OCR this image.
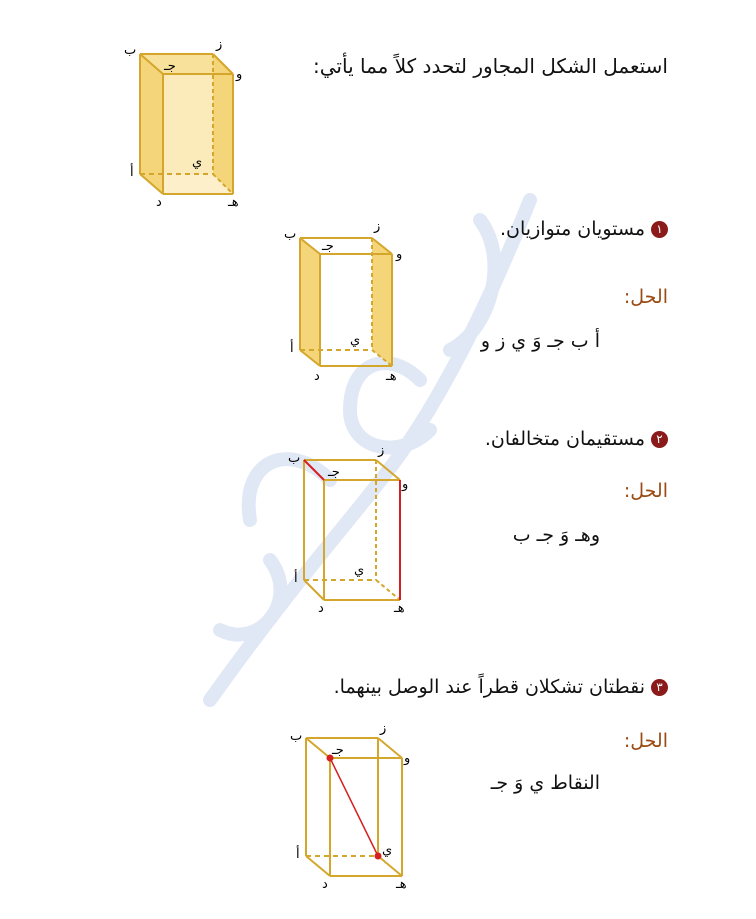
استعمل الشكل المجاور لتحدد كلاً مما يأتي:
ب
جـ
ز
و
أ
ي
د	هـ
١مستويان متوازيان.
ب
جـ
ز
و
أ
ي
د	هـ
الحل:
أ ب جـ وَ ي ز و
٢مستقيمان متخالفان.
ب
جـ
ز
و
أ
ي
د	هـ
الحل:
وهـ وَ جـ ب
٣نقطتان تشكلان قطراً عند الوصل بينهما.
ب
جـ
ز
و
أ	ي
د	هـ
الحل:
النقاط ي وَ جـ
